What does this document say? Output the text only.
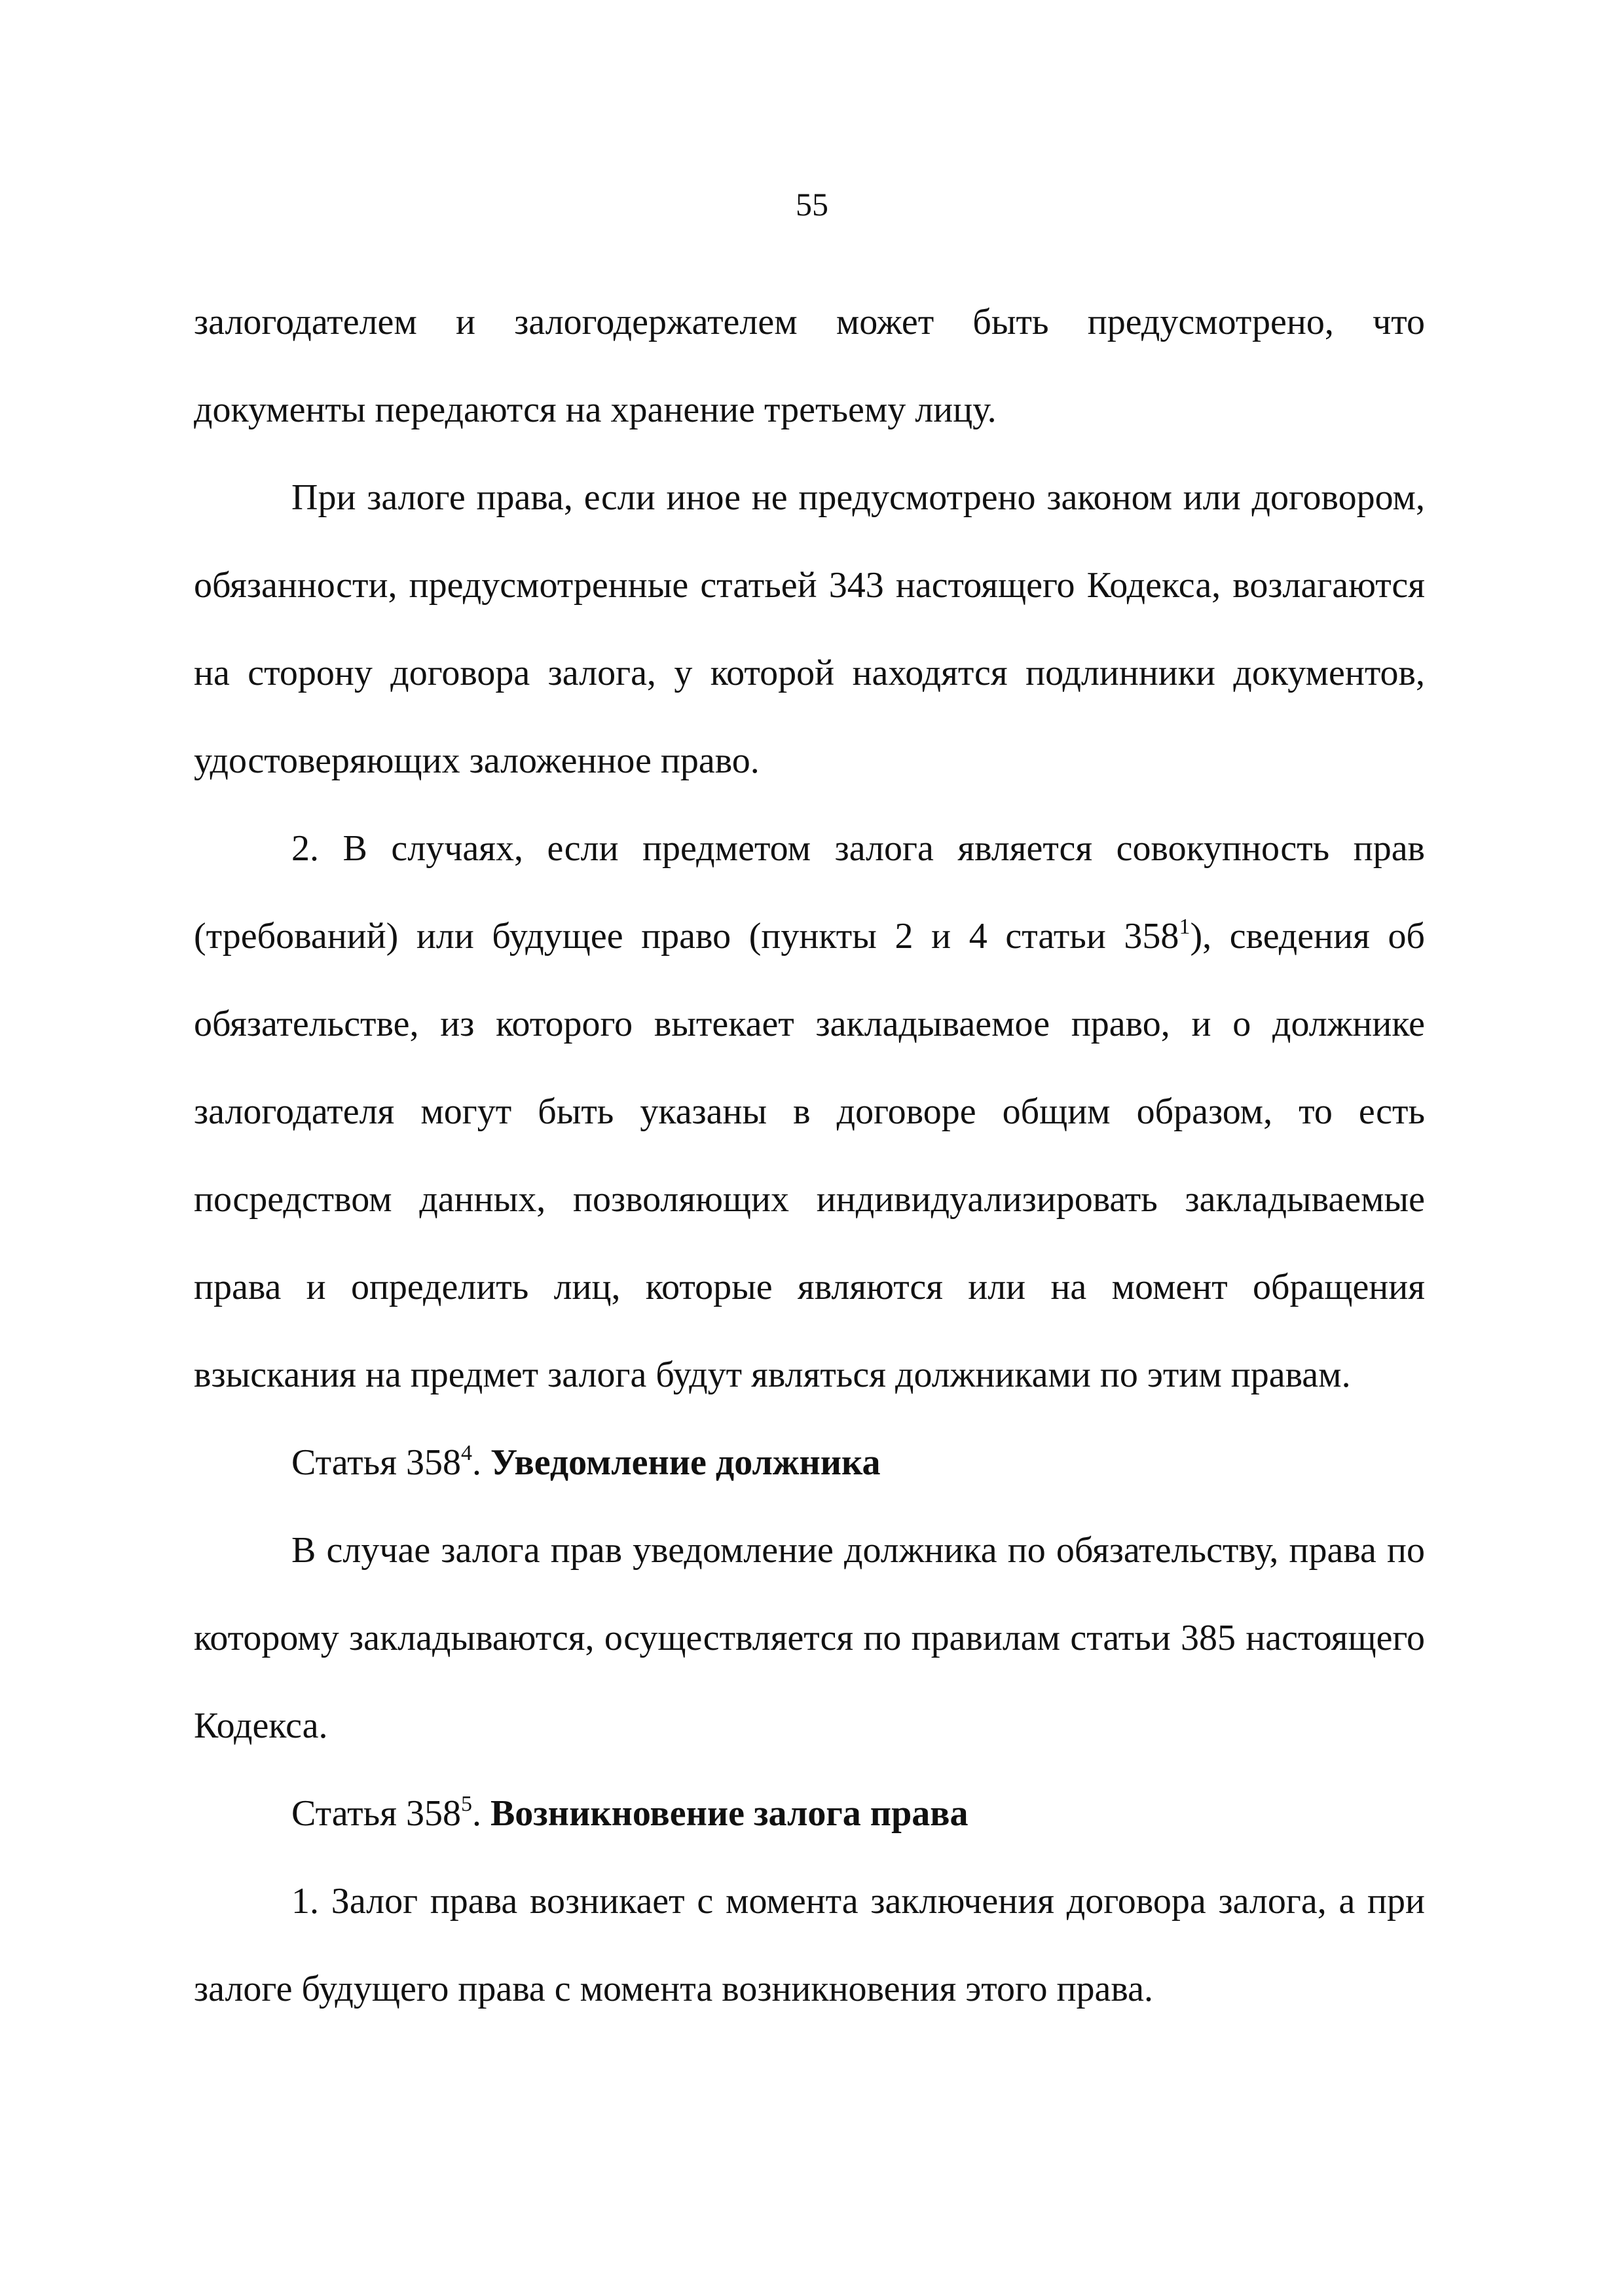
55

залогодателем и залогодержателем может быть предусмотрено, что документы передаются на хранение третьему лицу.

При залоге права, если иное не предусмотрено законом или договором, обязанности, предусмотренные статьей 343 настоящего Кодекса, возлагаются на сторону договора залога, у которой находятся подлинники документов, удостоверяющих заложенное право.

2. В случаях, если предметом залога является совокупность прав (требований) или будущее право (пункты 2 и 4 статьи $358^1$), сведения об обязательстве, из которого вытекает закладываемое право, и о должнике залогодателя могут быть указаны в договоре общим образом, то есть посредством данных, позволяющих индивидуализировать закладываемые права и определить лиц, которые являются или на момент обращения взыскания на предмет залога будут являться должниками по этим правам.

Статья $358^4$. Уведомление должника

В случае залога прав уведомление должника по обязательству, права по которому закладываются, осуществляется по правилам статьи 385 настоящего Кодекса.

Статья $358^5$. Возникновение залога права

1. Залог права возникает с момента заключения договора залога, а при залоге будущего права с момента возникновения этого права.
